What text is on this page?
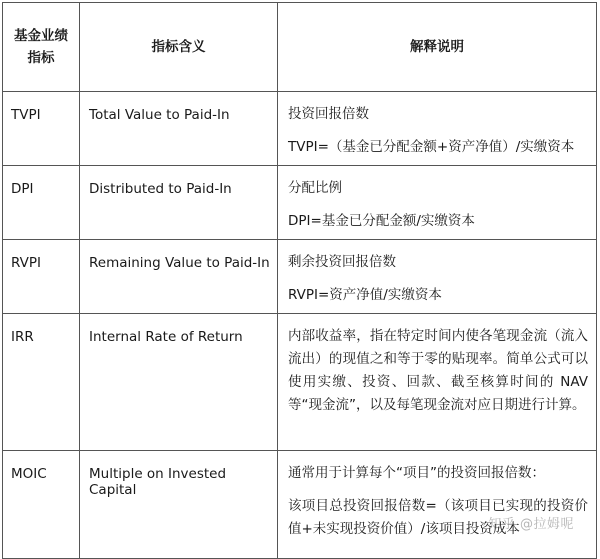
基金业绩
指标	指标含义	解释说明
TVPI	Total Value to Paid-In	投资回报倍数

TVPI=（基金已分配金额+资产净值）/实缴资本

DPI	Distributed to Paid-In	分配比例

DPI=基金已分配金额/实缴资本

RVPI	Remaining Value to Paid-In	剩余投资回报倍数

RVPI=资产净值/实缴资本

IRR	Internal Rate of Return	内部收益率，指在特定时间内使各笔现金流（流入流出）的现值之和等于零的贴现率。简单公式可以使用实缴、投资、回款、截至核算时间的 NAV 等“现金流”，以及每笔现金流对应日期进行计算。

MOIC	Multiple on Invested Capital	通常用于计算每个“项目”的投资回报倍数：

该项目总投资回报倍数=（该项目已实现的投资价值+未实现投资价值）/该项目投资成本

知乎 @拉姆呢
